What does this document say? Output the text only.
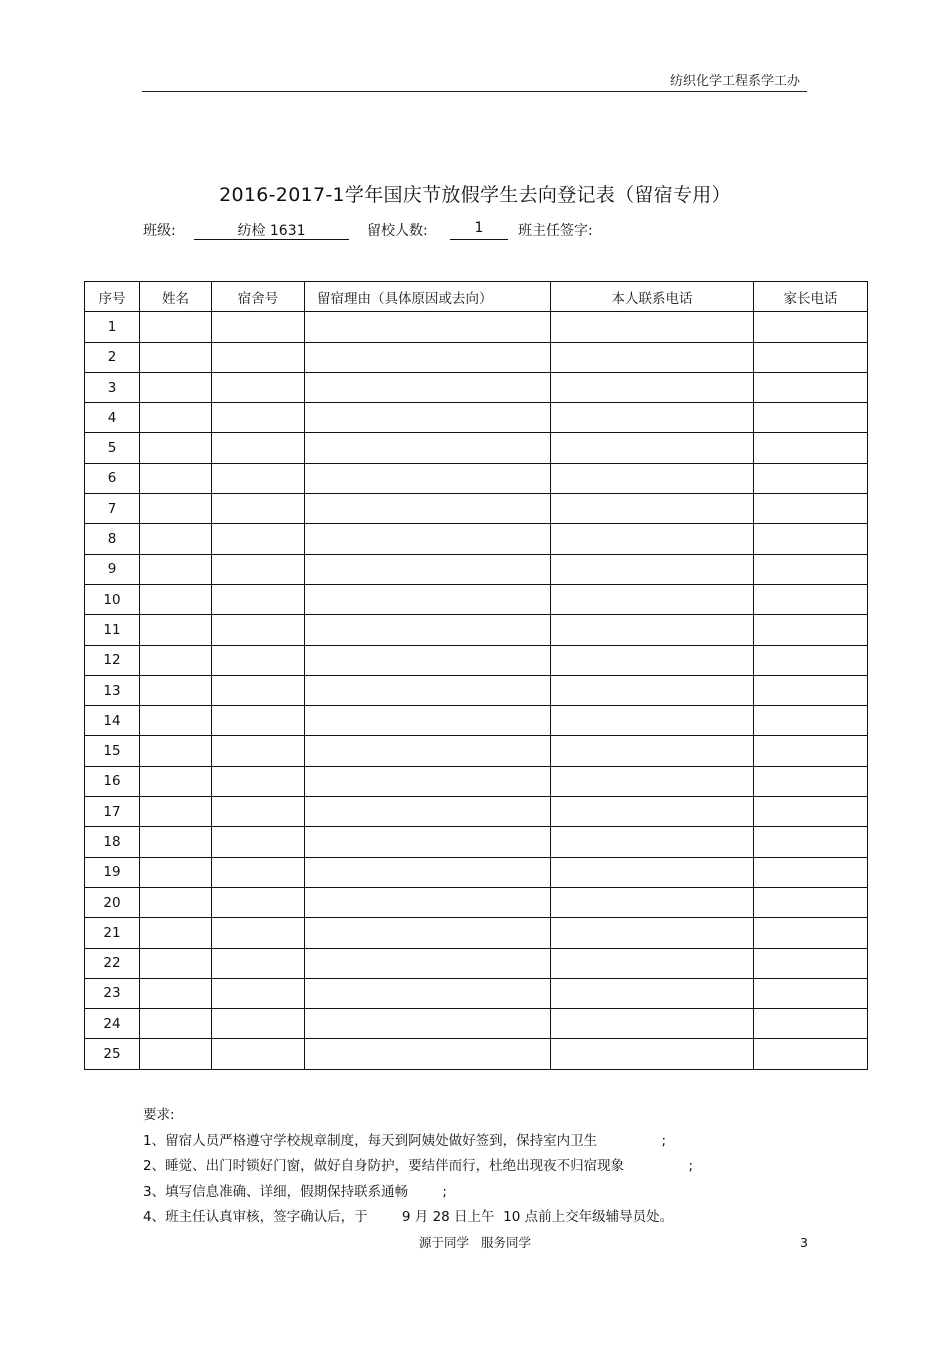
纺织化学工程系学工办
2016-2017-1学年国庆节放假学生去向登记表（留宿专用）
班级:	纺检 1631	留校人数:	1	班主任签字:
序号	姓名	宿舍号	留宿理由（具体原因或去向）	本人联系电话	家长电话
1					
2					
3					
4					
5					
6					
7					
8					
9					
10					
11					
12					
13					
14					
15					
16					
17					
18					
19					
20					
21					
22					
23					
24					
25					
要求:
1、留宿人员严格遵守学校规章制度，每天到阿姨处做好签到，保持室内卫生               ;
2、睡觉、出门时锁好门窗，做好自身防护，要结伴而行，杜绝出现夜不归宿现象               ;
3、填写信息准确、详细，假期保持联系通畅        ;
4、班主任认真审核，签字确认后，于        9 月 28 日上午  10 点前上交年级辅导员处。
源于同学   服务同学	3
